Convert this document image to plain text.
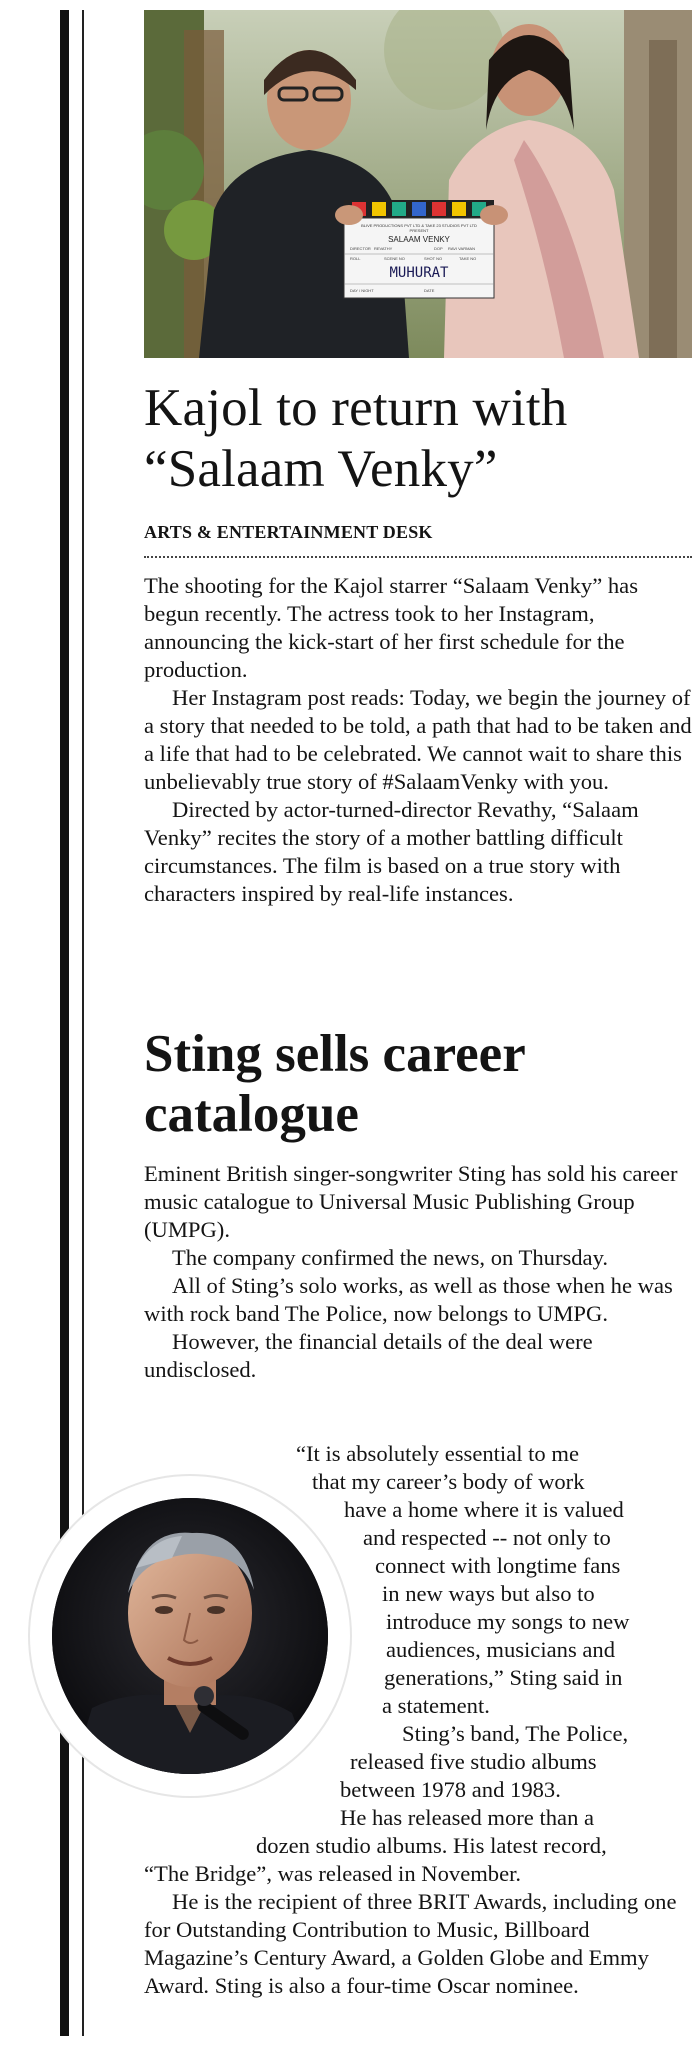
BLIVE PRODUCTIONS PVT LTD & TAKE 23 STUDIOS PVT LTD
PRESENT
SALAAM VENKY
DIRECTOR REVATHY	DOP RAVI VARMAN
ROLL	SCENE NO	SHOT NO	TAKE NO
MUHURAT
DAY / NIGHT	DATE
Kajol to return with
“Salaam Venky”
ARTS & ENTERTAINMENT DESK

The shooting for the Kajol starrer “Salaam Venky” has begun recently. The actress took to her Instagram, announcing the kick-start of her first schedule for the production.

Her Instagram post reads: Today, we begin the journey of a story that needed to be told, a path that had to be taken and a life that had to be celebrated. We cannot wait to share this unbelievably true story of #SalaamVenky with you.

Directed by actor-turned-director Revathy, “Salaam Venky” recites the story of a mother battling difficult circumstances. The film is based on a true story with characters inspired by real-life instances.

Sting sells career
catalogue

Eminent British singer-songwriter Sting has sold his career music catalogue to Universal Music Publishing Group (UMPG).

The company confirmed the news, on Thursday.

All of Sting’s solo works, as well as those when he was with rock band The Police, now belongs to UMPG.

However, the financial details of the deal were undisclosed.

“It is absolutely essential to me
that my career’s body of work
have a home where it is valued
and respected -- not only to
connect with longtime fans
in new ways but also to
introduce my songs to new
audiences, musicians and
generations,” Sting said in
a statement.
Sting’s band, The Police,
released five studio albums
between 1978 and 1983.
He has released more than a
dozen studio albums. His latest record,

“The Bridge”, was released in November.

He is the recipient of three BRIT Awards, including one for Outstanding Contribution to Music, Billboard Magazine’s Century Award, a Golden Globe and Emmy Award. Sting is also a four-time Oscar nominee.
